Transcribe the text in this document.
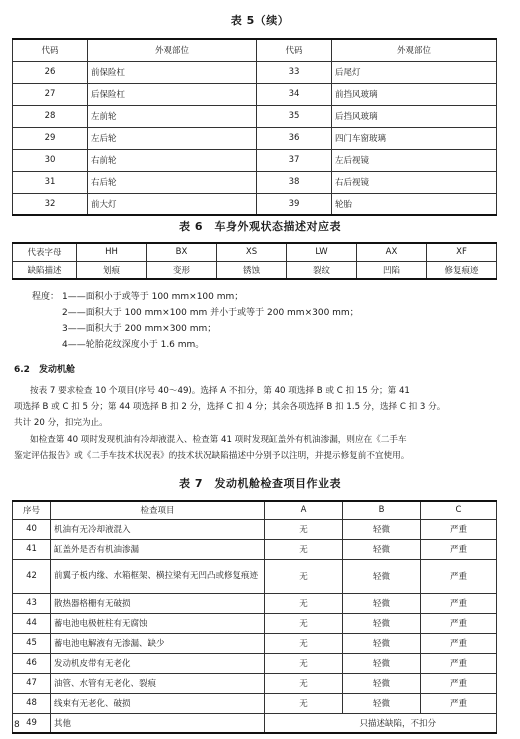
表 5（续）
代码	外观部位	代码	外观部位
26	前保险杠	33	后尾灯
27	后保险杠	34	前挡风玻璃
28	左前轮	35	后挡风玻璃
29	左后轮	36	四门车窗玻璃
30	右前轮	37	左后视镜
31	右后轮	38	右后视镜
32	前大灯	39	轮胎
表 6　车身外观状态描述对应表
代表字母	HH	BX	XS	LW	AX	XF
缺陷描述	划痕	变形	锈蚀	裂纹	凹陷	修复痕迹
程度： 1——面积小于或等于 100 mm×100 mm；
2——面积大于 100 mm×100 mm 并小于或等于 200 mm×300 mm；
3——面积大于 200 mm×300 mm；
4——轮胎花纹深度小于 1.6 mm。
6.2　发动机舱
按表 7 要求检查 10 个项目(序号 40～49)。选择 A 不扣分，第 40 项选择 B 或 C 扣 15 分；第 41
项选择 B 或 C 扣 5 分；第 44 项选择 B 扣 2 分，选择 C 扣 4 分；其余各项选择 B 扣 1.5 分，选择 C 扣 3 分。
共计 20 分，扣完为止。
如检查第 40 项时发现机油有冷却液混入、检查第 41 项时发现缸盖外有机油渗漏，则应在《二手车
鉴定评估报告》或《二手车技术状况表》的技术状况缺陷描述中分别予以注明，并提示修复前不宜使用。
表 7　发动机舱检查项目作业表
序号	检查项目	A	B	C
40	机油有无冷却液混入	无	轻微	严重
41	缸盖外是否有机油渗漏	无	轻微	严重
42	前翼子板内缘、水箱框架、横拉梁有无凹凸或修复痕迹	无	轻微	严重
43	散热器格栅有无破损	无	轻微	严重
44	蓄电池电极桩柱有无腐蚀	无	轻微	严重
45	蓄电池电解液有无渗漏、缺少	无	轻微	严重
46	发动机皮带有无老化	无	轻微	严重
47	油管、水管有无老化、裂痕	无	轻微	严重
48	线束有无老化、破损	无	轻微	严重
49	其他	只描述缺陷，不扣分		
8
